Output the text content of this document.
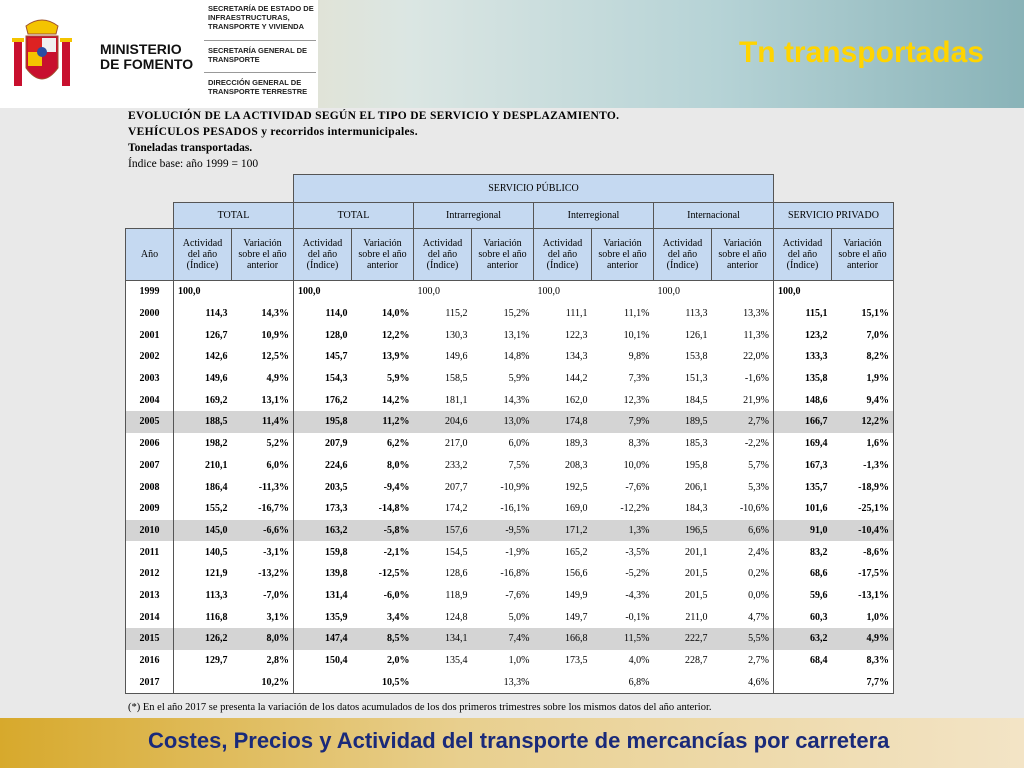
MINISTERIO
DE FOMENTO
SECRETARÍA DE ESTADO DE INFRAESTRUCTURAS, TRANSPORTE Y VIVIENDA
SECRETARÍA GENERAL DE TRANSPORTE
DIRECCIÓN GENERAL DE TRANSPORTE TERRESTRE
Tn transportadas
EVOLUCIÓN DE LA ACTIVIDAD SEGÚN EL TIPO DE SERVICIO Y DESPLAZAMIENTO.
VEHÍCULOS PESADOS y recorridos intermunicipales.
Toneladas transportadas.
Índice base: año 1999 = 100
			SERVICIO PÚBLICO									
	TOTAL		TOTAL		Intrarregional		Interregional		Internacional		SERVICIO PRIVADO	
Año	Actividad del año (Índice)	Variación sobre el año anterior	Actividad del año (Índice)	Variación sobre el año anterior	Actividad del año (Índice)	Variación sobre el año anterior	Actividad del año (Índice)	Variación sobre el año anterior	Actividad del año (Índice)	Variación sobre el año anterior	Actividad del año (Índice)	Variación sobre el año anterior
1999	100,0		100,0		100,0		100,0		100,0		100,0	
2000	114,3	14,3%	114,0	14,0%	115,2	15,2%	111,1	11,1%	113,3	13,3%	115,1	15,1%
2001	126,7	10,9%	128,0	12,2%	130,3	13,1%	122,3	10,1%	126,1	11,3%	123,2	7,0%
2002	142,6	12,5%	145,7	13,9%	149,6	14,8%	134,3	9,8%	153,8	22,0%	133,3	8,2%
2003	149,6	4,9%	154,3	5,9%	158,5	5,9%	144,2	7,3%	151,3	-1,6%	135,8	1,9%
2004	169,2	13,1%	176,2	14,2%	181,1	14,3%	162,0	12,3%	184,5	21,9%	148,6	9,4%
2005	188,5	11,4%	195,8	11,2%	204,6	13,0%	174,8	7,9%	189,5	2,7%	166,7	12,2%
2006	198,2	5,2%	207,9	6,2%	217,0	6,0%	189,3	8,3%	185,3	-2,2%	169,4	1,6%
2007	210,1	6,0%	224,6	8,0%	233,2	7,5%	208,3	10,0%	195,8	5,7%	167,3	-1,3%
2008	186,4	-11,3%	203,5	-9,4%	207,7	-10,9%	192,5	-7,6%	206,1	5,3%	135,7	-18,9%
2009	155,2	-16,7%	173,3	-14,8%	174,2	-16,1%	169,0	-12,2%	184,3	-10,6%	101,6	-25,1%
2010	145,0	-6,6%	163,2	-5,8%	157,6	-9,5%	171,2	1,3%	196,5	6,6%	91,0	-10,4%
2011	140,5	-3,1%	159,8	-2,1%	154,5	-1,9%	165,2	-3,5%	201,1	2,4%	83,2	-8,6%
2012	121,9	-13,2%	139,8	-12,5%	128,6	-16,8%	156,6	-5,2%	201,5	0,2%	68,6	-17,5%
2013	113,3	-7,0%	131,4	-6,0%	118,9	-7,6%	149,9	-4,3%	201,5	0,0%	59,6	-13,1%
2014	116,8	3,1%	135,9	3,4%	124,8	5,0%	149,7	-0,1%	211,0	4,7%	60,3	1,0%
2015	126,2	8,0%	147,4	8,5%	134,1	7,4%	166,8	11,5%	222,7	5,5%	63,2	4,9%
2016	129,7	2,8%	150,4	2,0%	135,4	1,0%	173,5	4,0%	228,7	2,7%	68,4	8,3%
2017		10,2%		10,5%		13,3%		6,8%		4,6%		7,7%
(*) En el año 2017 se presenta la variación de los datos acumulados de los dos primeros trimestres sobre los mismos datos del año anterior.
Costes, Precios y Actividad del transporte de mercancías por carretera
